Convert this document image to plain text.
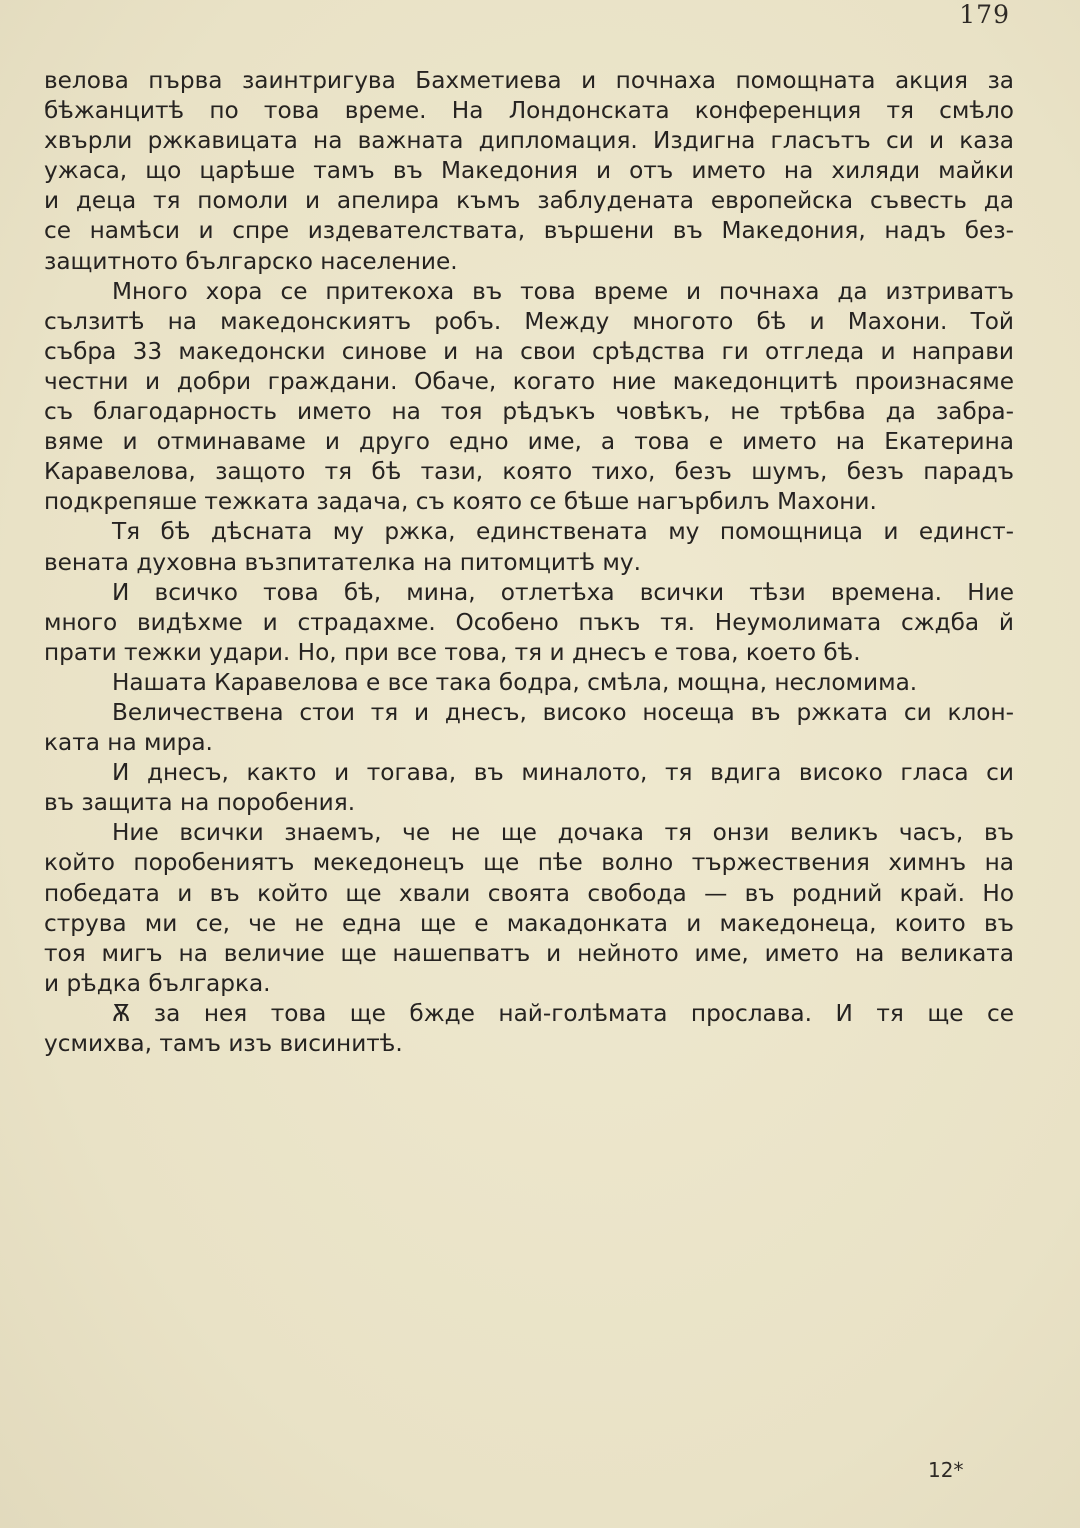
179
велова първа заинтригува Бахметиева и почнаха помощната акция за
бѣжанцитѣ по това време. На Лондонската конференция тя смѣло
хвърли ржкавицата на важната дипломация. Издигна гласътъ си и каза
ужаса, що царѣше тамъ въ Македония и отъ името на хиляди майки
и деца тя помоли и апелира къмъ заблудената европейска съвесть да
се намѣси и спре издевателствата, вършени въ Македония, надъ без-
защитното българско население.
Много хора се притекоха въ това време и почнаха да изтриватъ
сълзитѣ на македонскиятъ робъ. Между многото бѣ и Махони. Той
събра 33 македонски синове и на свои срѣдства ги отгледа и направи
честни и добри граждани. Обаче, когато ние македонцитѣ произнасяме
съ благодарность името на тоя рѣдъкъ човѣкъ, не трѣбва да забра-
вяме и отминаваме и друго едно име, а това е името на Екатерина
Каравелова, защото тя бѣ тази, която тихо, безъ шумъ, безъ парадъ
подкрепяше тежката задача, съ която се бѣше нагърбилъ Махони.
Тя бѣ дѣсната му ржка, единствената му помощница и единст-
вената духовна възпитателка на питомцитѣ му.
И всичко това бѣ, мина, отлетѣха всички тѣзи времена. Ние
много видѣхме и страдахме. Особено пъкъ тя. Неумолимата сждба й
прати тежки удари. Но, при все това, тя и днесъ е това, което бѣ.
Нашата Каравелова е все така бодра, смѣла, мощна, несломима.
Величествена стои тя и днесъ, високо носеща въ ржката си клон-
ката на мира.
И днесъ, както и тогава, въ миналото, тя вдига високо гласа си
въ защита на поробения.
Ние всички знаемъ, че не ще дочака тя онзи великъ часъ, въ
който поробениятъ мекедонецъ ще пѣе волно тържествения химнъ на
победата и въ който ще хвали своята свобода — въ родний край. Но
струва ми се, че не една ще е макадонката и македонеца, които въ
тоя мигъ на величие ще нашепватъ и нейното име, името на великата
и рѣдка българка.
Ѫ за нея това ще бжде най-голѣмата прослава. И тя ще се
усмихва, тамъ изъ висинитѣ.
12*
